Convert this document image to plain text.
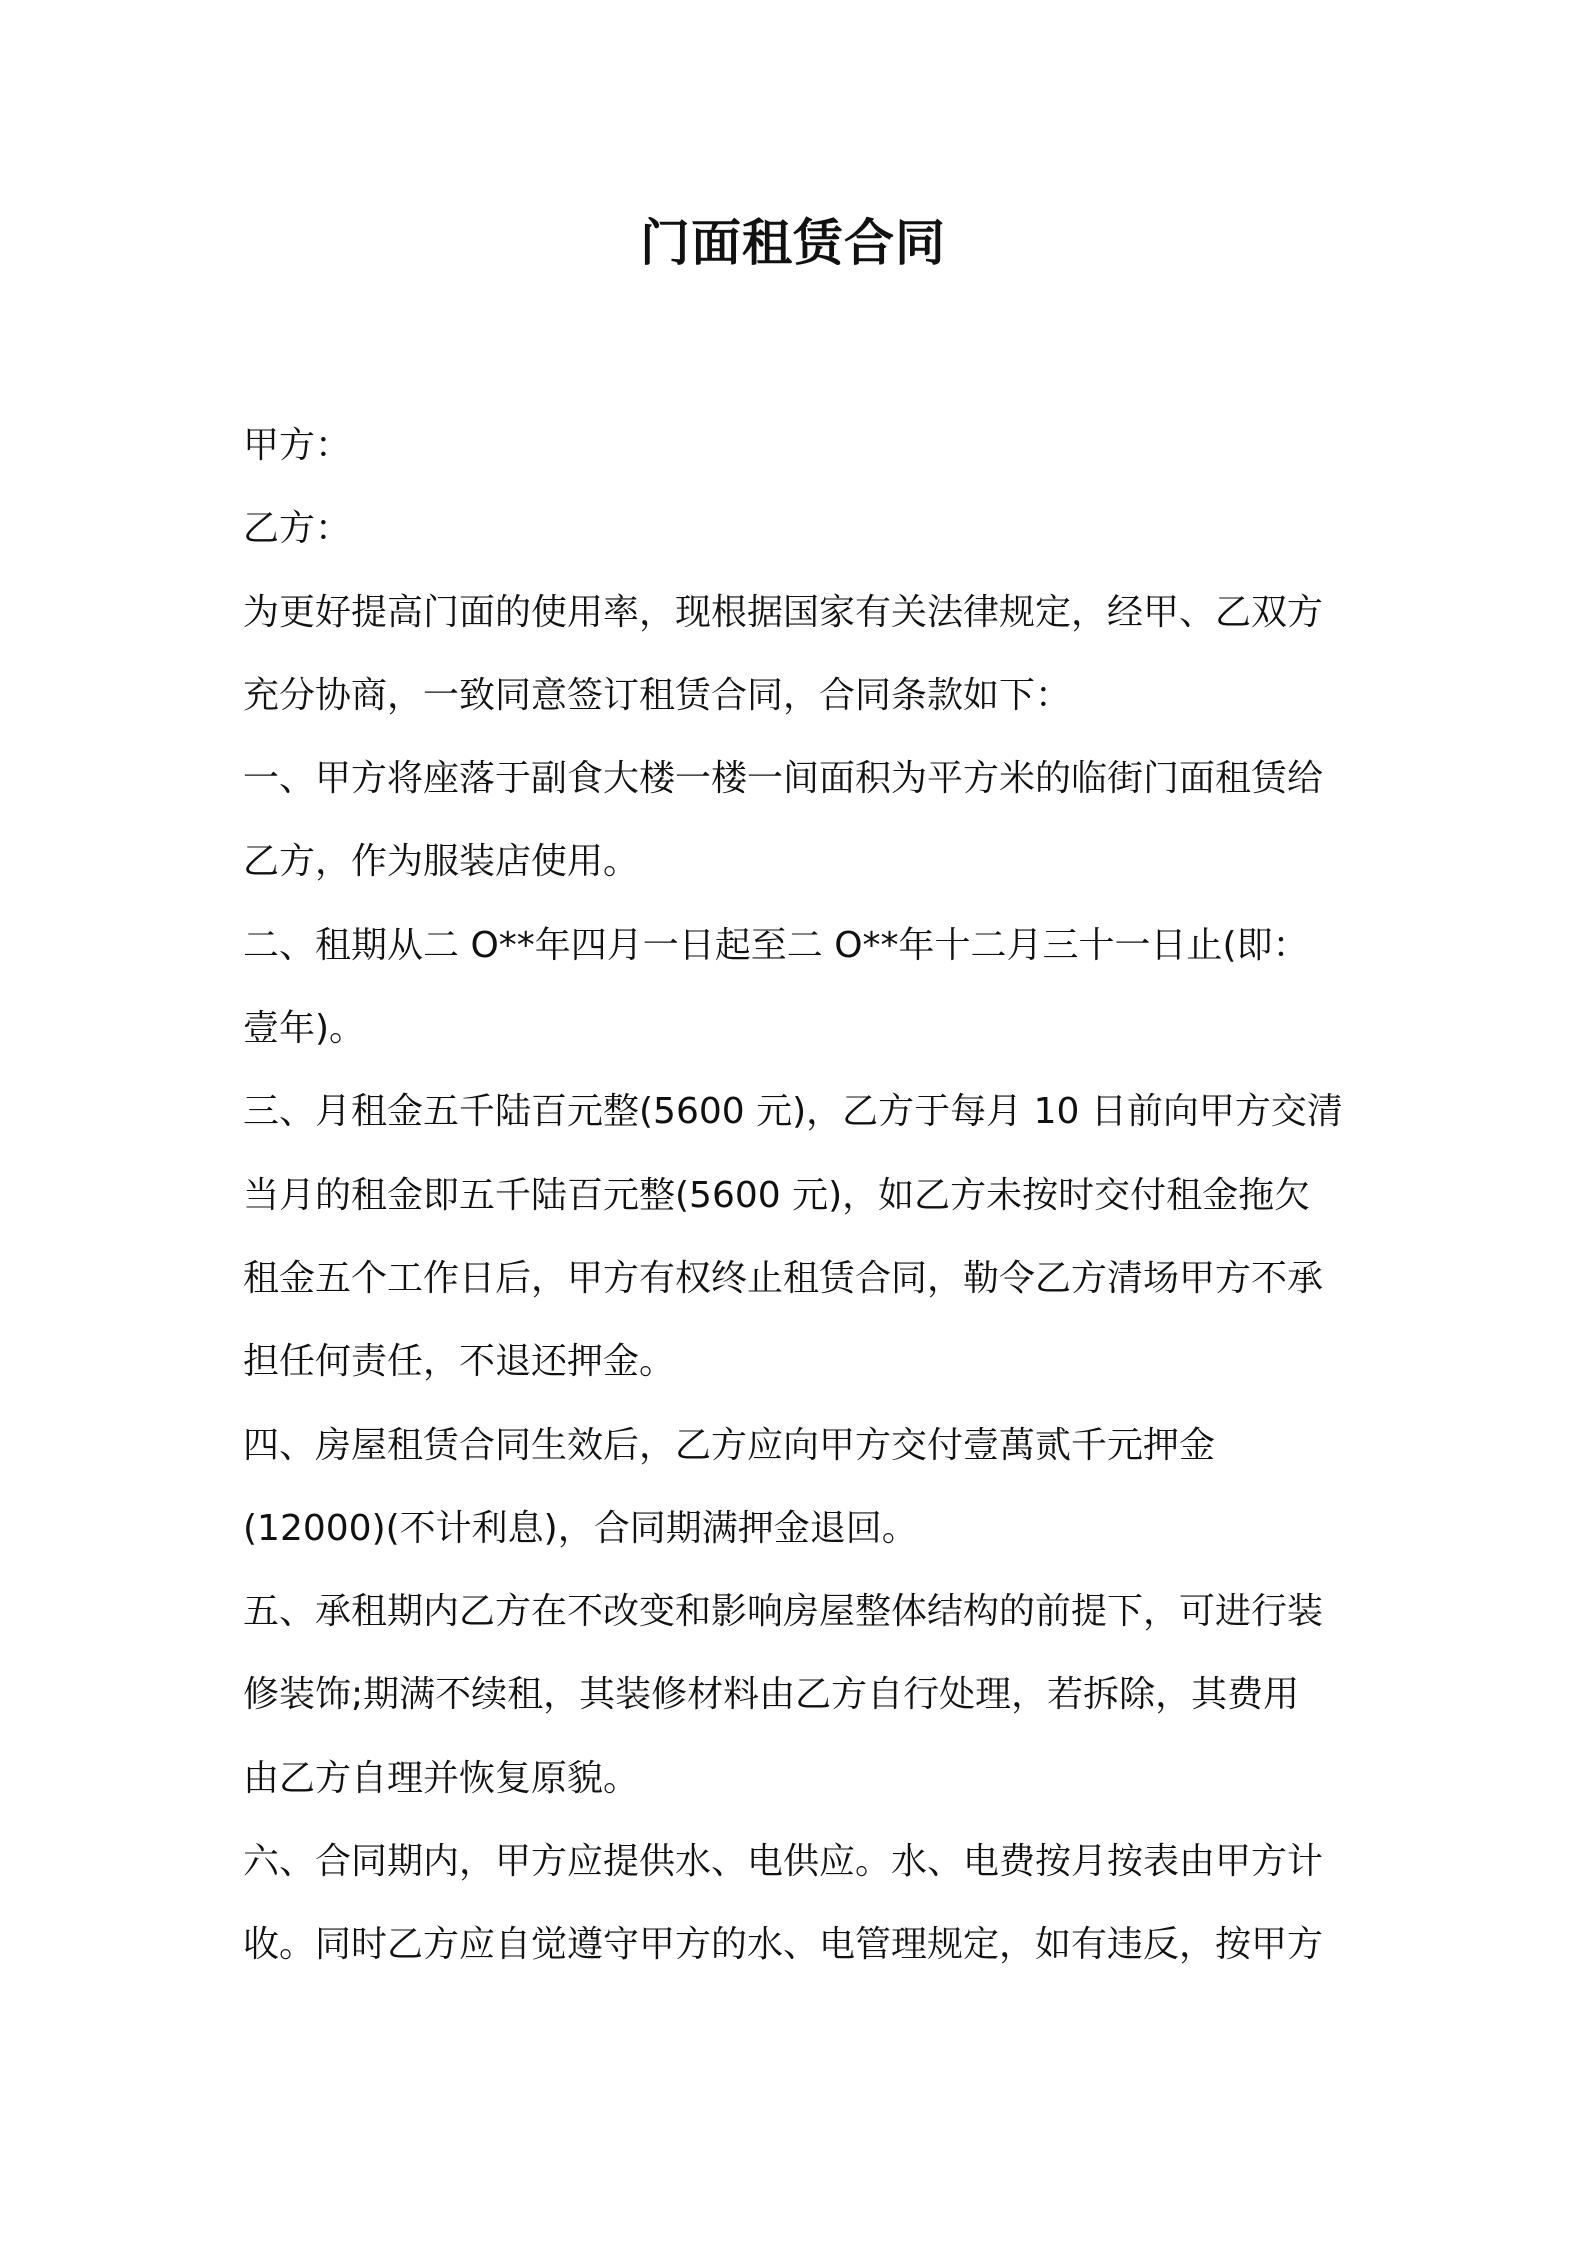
门面租赁合同
甲方：
乙方：
为更好提高门面的使用率，现根据国家有关法律规定，经甲、乙双方
充分协商，一致同意签订租赁合同，合同条款如下：
一、甲方将座落于副食大楼一楼一间面积为平方米的临街门面租赁给
乙方，作为服装店使用。
二、租期从二 O**年四月一日起至二 O**年十二月三十一日止(即：
壹年)。
三、月租金五千陆百元整(5600 元)，乙方于每月 10 日前向甲方交清
当月的租金即五千陆百元整(5600 元)，如乙方未按时交付租金拖欠
租金五个工作日后，甲方有权终止租赁合同，勒令乙方清场甲方不承
担任何责任，不退还押金。
四、房屋租赁合同生效后，乙方应向甲方交付壹萬贰千元押金
(12000)(不计利息)，合同期满押金退回。
五、承租期内乙方在不改变和影响房屋整体结构的前提下，可进行装
修装饰;期满不续租，其装修材料由乙方自行处理，若拆除，其费用
由乙方自理并恢复原貌。
六、合同期内，甲方应提供水、电供应。水、电费按月按表由甲方计
收。同时乙方应自觉遵守甲方的水、电管理规定，如有违反，按甲方
